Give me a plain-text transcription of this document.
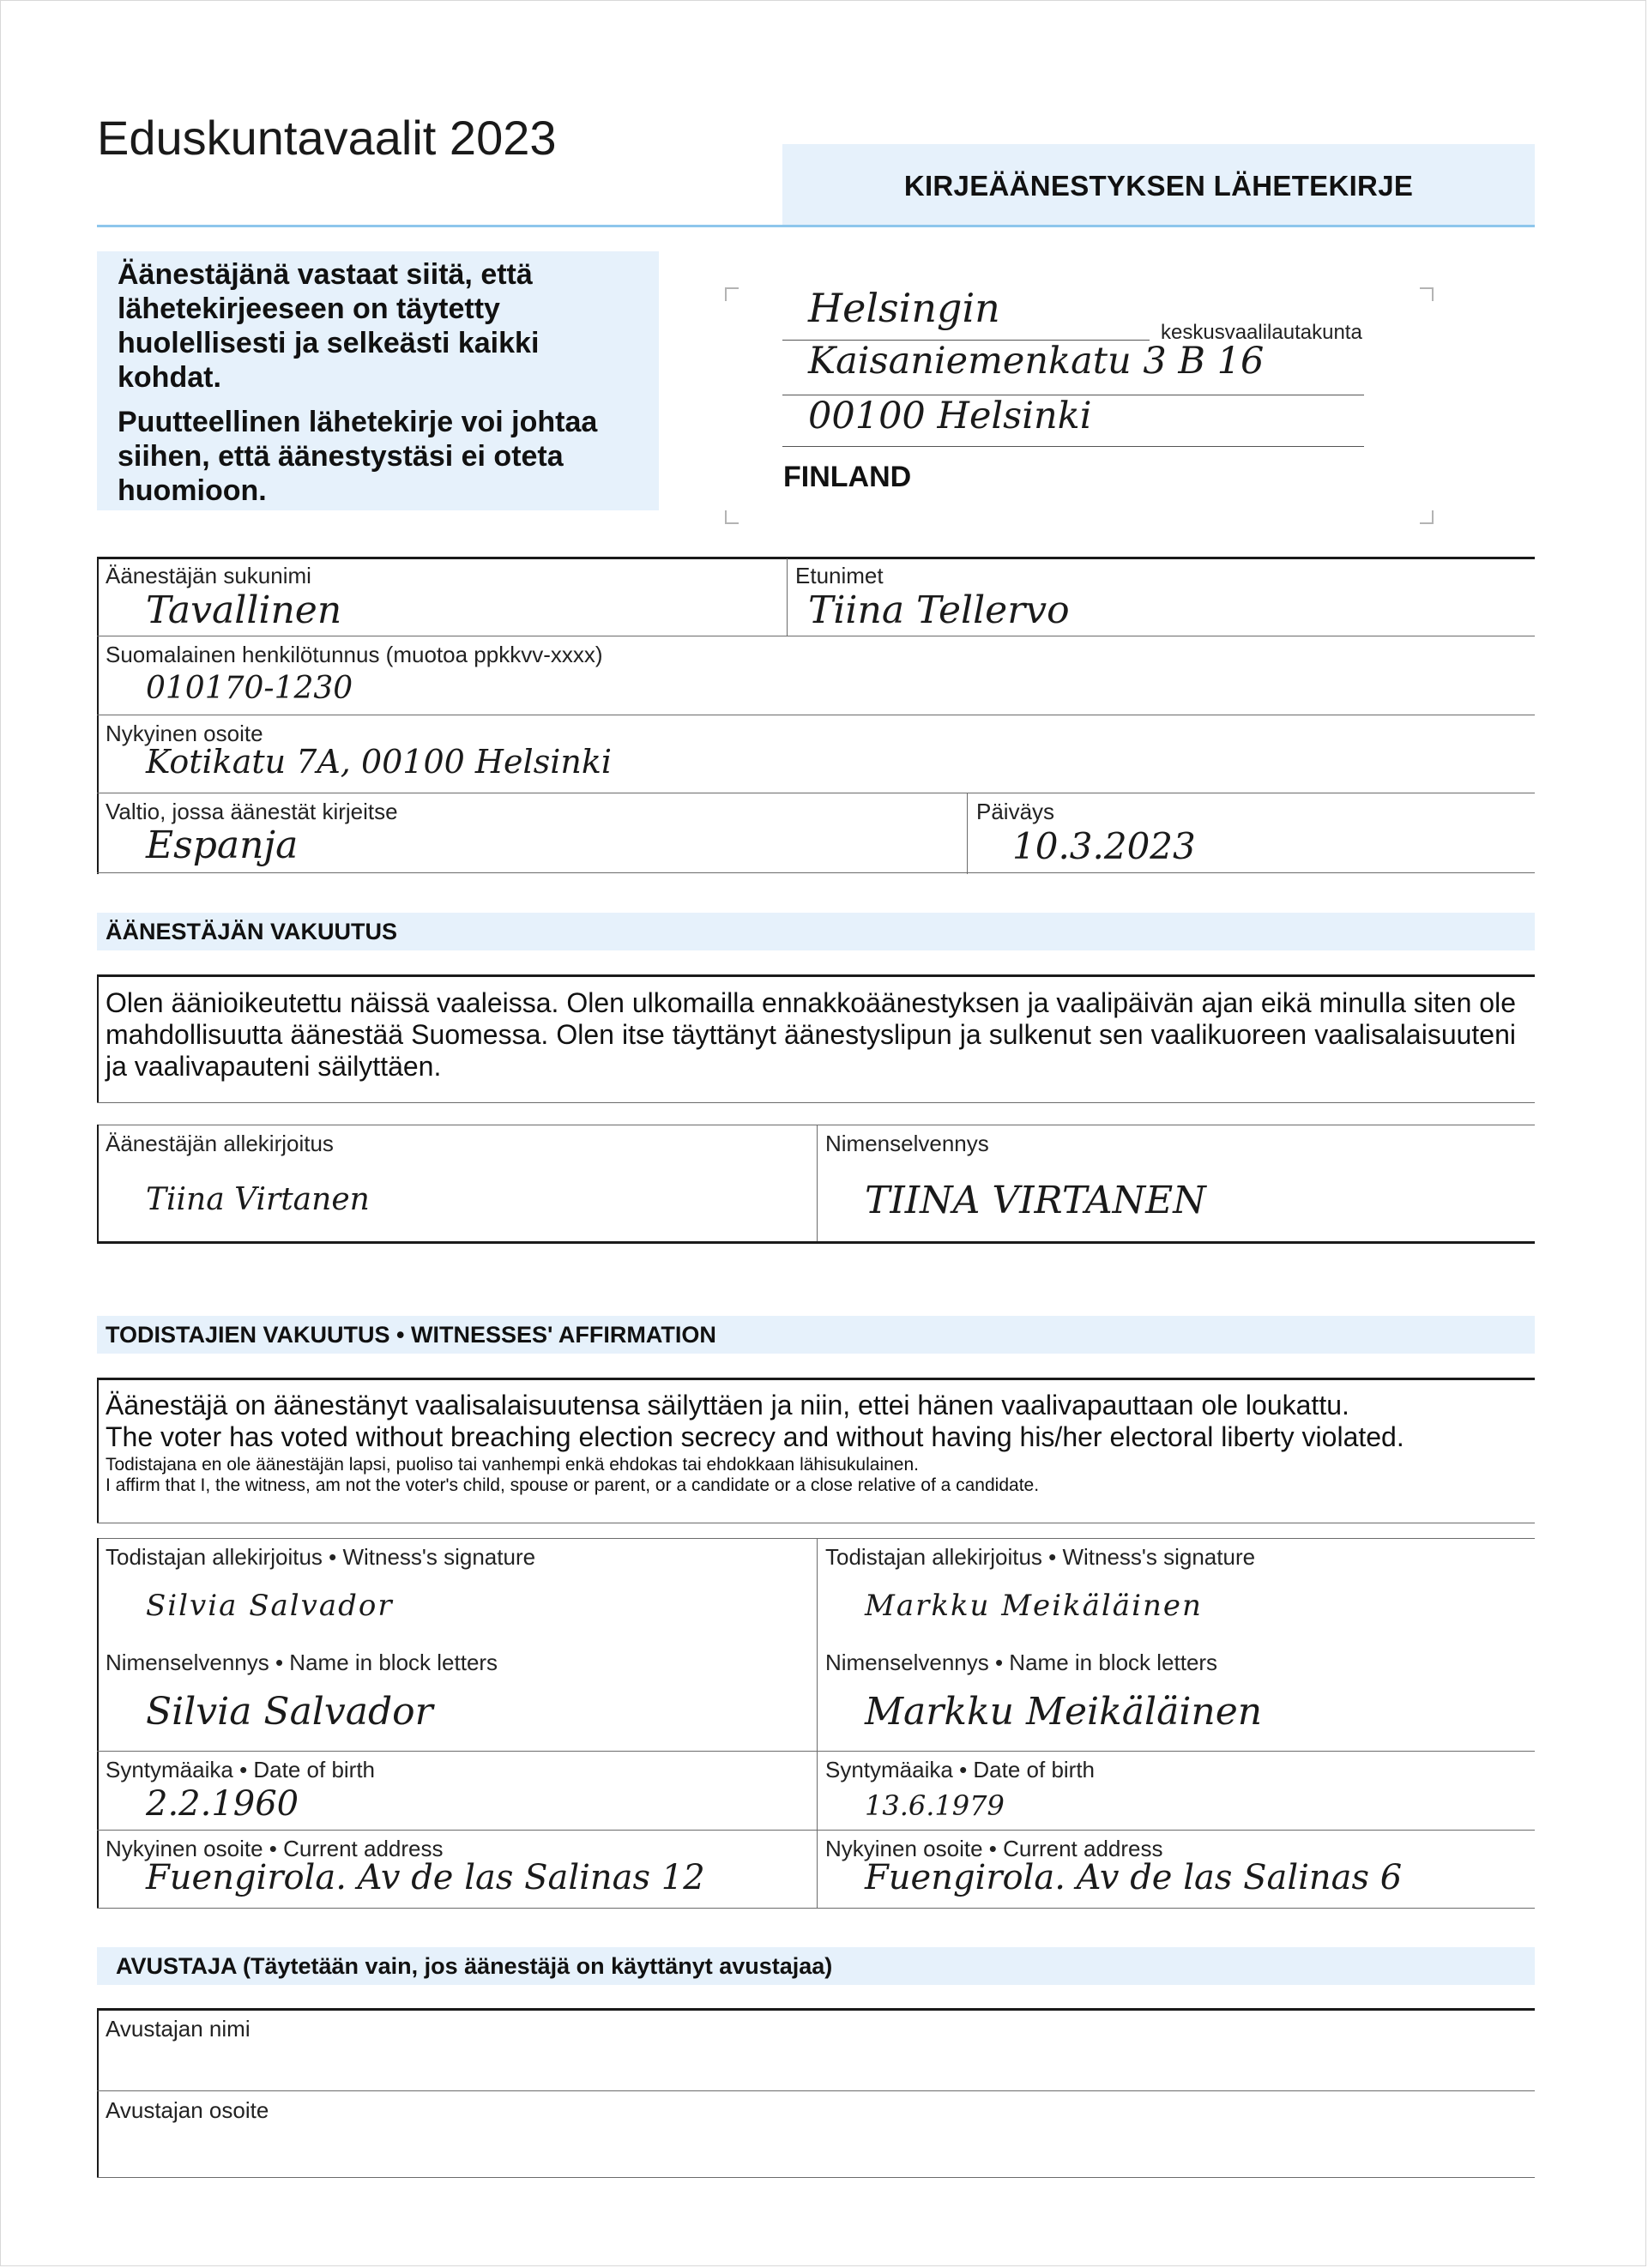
Eduskuntavaalit 2023
KIRJEÄÄNESTYKSEN LÄHETEKIRJE

Äänestäjänä vastaat siitä, että lähetekirjeeseen on täytetty huolellisesti ja selkeästi kaikki kohdat.

Puutteellinen lähetekirje voi johtaa siihen, että äänestystäsi ei oteta huomioon.

Helsingin
keskusvaalilautakunta
Kaisaniemenkatu 3 B 16
00100 Helsinki
FINLAND
Äänestäjän sukunimi
Tavallinen
Etunimet
Tiina Tellervo
Suomalainen henkilötunnus (muotoa ppkkvv-xxxx)
010170-1230
Nykyinen osoite
Kotikatu 7A, 00100 Helsinki
Valtio, jossa äänestät kirjeitse
Espanja
Päiväys
10.3.2023
ÄÄNESTÄJÄN VAKUUTUS
Olen äänioikeutettu näissä vaaleissa. Olen ulkomailla ennakkoäänestyksen ja vaalipäivän ajan eikä minulla siten ole mahdollisuutta äänestää Suomessa. Olen itse täyttänyt äänestyslipun ja sulkenut sen vaalikuoreen vaalisalaisuuteni ja vaalivapauteni säilyttäen.
Äänestäjän allekirjoitus
Tiina Virtanen
Nimenselvennys
TIINA VIRTANEN
TODISTAJIEN VAKUUTUS • WITNESSES' AFFIRMATION
Äänestäjä on äänestänyt vaalisalaisuutensa säilyttäen ja niin, ettei hänen vaalivapauttaan ole loukattu.
The voter has voted without breaching election secrecy and without having his/her electoral liberty violated.
Todistajana en ole äänestäjän lapsi, puoliso tai vanhempi enkä ehdokas tai ehdokkaan lähisukulainen.
I affirm that I, the witness, am not the voter's child, spouse or parent, or a candidate or a close relative of a candidate.
Todistajan allekirjoitus • Witness's signature
Silvia Salvador
Nimenselvennys • Name in block letters
Silvia Salvador
Syntymäaika • Date of birth
2.2.1960
Nykyinen osoite • Current address
Fuengirola. Av de las Salinas 12
Todistajan allekirjoitus • Witness's signature
Markku Meikäläinen
Nimenselvennys • Name in block letters
Markku Meikäläinen
Syntymäaika • Date of birth
13.6.1979
Nykyinen osoite • Current address
Fuengirola. Av de las Salinas 6
AVUSTAJA (Täytetään vain, jos äänestäjä on käyttänyt avustajaa)
Avustajan nimi
Avustajan osoite
